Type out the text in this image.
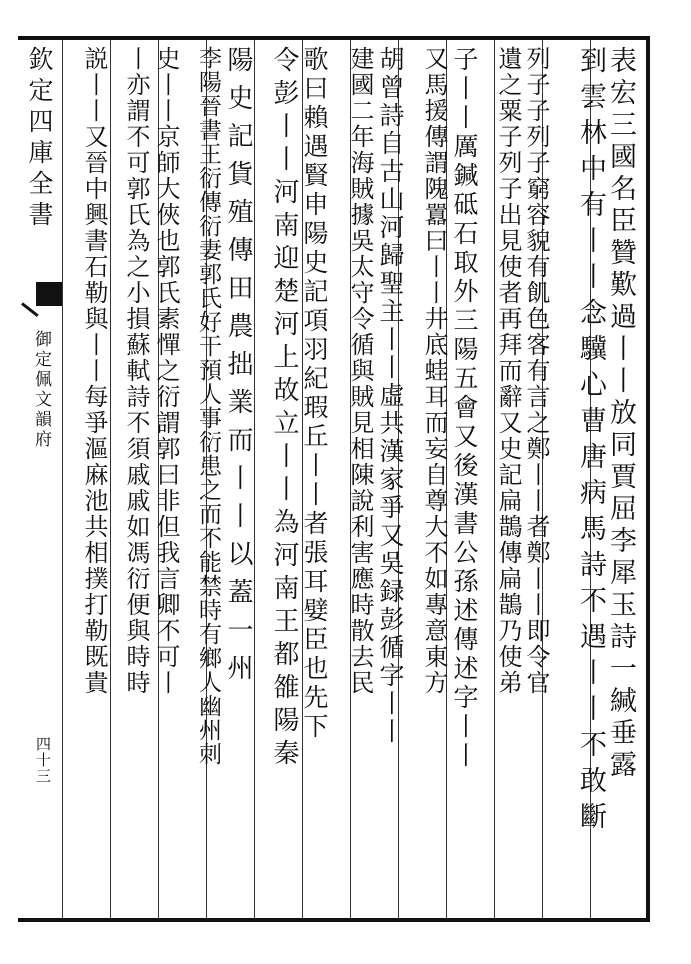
欽定四庫全書
御定佩文韻府
四十三	表宏三國名臣贊歎過丨丨放同賈屈李犀玉詩一緘垂露
到雲林中有丨丨念驥心曹唐病馬詩不遇丨丨不敢斷
列子子列子窮容貌有飢色客有言之鄭丨丨者鄭丨丨即令官
遺之粟子列子出見使者再拜而辭又史記扁鵲傳扁鵲乃使弟
子丨丨厲鍼砥石取外三陽五會又後漢書公孫述傳述字丨丨
又馬援傳謂隗囂曰丨丨井底蛙耳而妄自尊大不如專意東方
胡曾詩自古山河歸聖主丨丨虛共漢家爭又吳録彭循字丨丨
建國二年海賊據吳太守令循與賊見相陳說利害應時散去民
歌曰賴遇賢申陽史記項羽紀瑕丘丨丨者張耳嬖臣也先下
令彭丨丨河南迎楚河上故立丨丨為河南王都雒陽秦
陽史記貨殖傳田農拙業而丨丨以蓋一州
李陽晉書王衍傳衍妻郭氏好干預人事衍患之而不能禁時有鄉人幽州刺
史丨丨京師大俠也郭氏素憚之衍謂郭曰非但我言卿不可丨
丨亦謂不可郭氏為之小損蘇軾詩不須戚戚如馮衍便與時時
説丨丨又晉中興書石勒與丨丨每爭漚麻池共相撲打勒既貴
